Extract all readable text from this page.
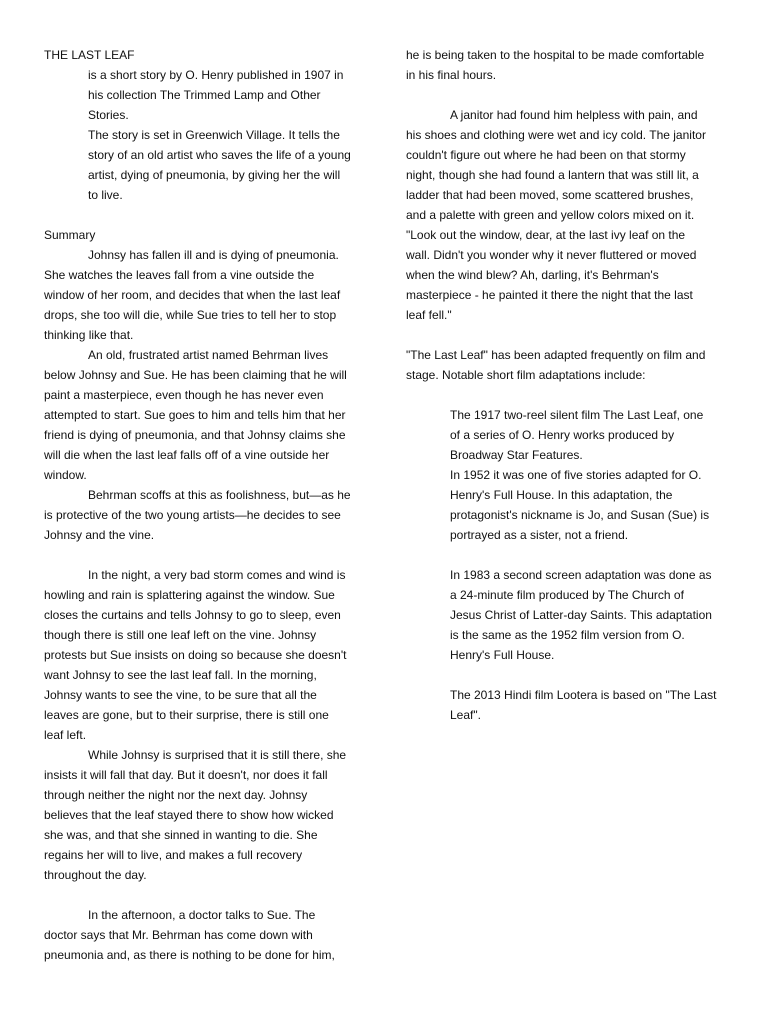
THE LAST LEAF
is a short story by O. Henry published in 1907 in
his collection The Trimmed Lamp and Other
Stories.
The story is set in Greenwich Village. It tells the
story of an old artist who saves the life of a young
artist, dying of pneumonia, by giving her the will
to live.
Summary
Johnsy has fallen ill and is dying of pneumonia.
She watches the leaves fall from a vine outside the
window of her room, and decides that when the last leaf
drops, she too will die, while Sue tries to tell her to stop
thinking like that.
An old, frustrated artist named Behrman lives
below Johnsy and Sue. He has been claiming that he will
paint a masterpiece, even though he has never even
attempted to start. Sue goes to him and tells him that her
friend is dying of pneumonia, and that Johnsy claims she
will die when the last leaf falls off of a vine outside her
window.
Behrman scoffs at this as foolishness, but—as he
is protective of the two young artists—he decides to see
Johnsy and the vine.
In the night, a very bad storm comes and wind is
howling and rain is splattering against the window. Sue
closes the curtains and tells Johnsy to go to sleep, even
though there is still one leaf left on the vine. Johnsy
protests but Sue insists on doing so because she doesn't
want Johnsy to see the last leaf fall. In the morning,
Johnsy wants to see the vine, to be sure that all the
leaves are gone, but to their surprise, there is still one
leaf left.
While Johnsy is surprised that it is still there, she
insists it will fall that day. But it doesn't, nor does it fall
through neither the night nor the next day. Johnsy
believes that the leaf stayed there to show how wicked
she was, and that she sinned in wanting to die. She
regains her will to live, and makes a full recovery
throughout the day.
In the afternoon, a doctor talks to Sue. The
doctor says that Mr. Behrman has come down with
pneumonia and, as there is nothing to be done for him,
he is being taken to the hospital to be made comfortable
in his final hours.
A janitor had found him helpless with pain, and
his shoes and clothing were wet and icy cold. The janitor
couldn't figure out where he had been on that stormy
night, though she had found a lantern that was still lit, a
ladder that had been moved, some scattered brushes,
and a palette with green and yellow colors mixed on it.
"Look out the window, dear, at the last ivy leaf on the
wall. Didn't you wonder why it never fluttered or moved
when the wind blew? Ah, darling, it's Behrman's
masterpiece - he painted it there the night that the last
leaf fell."
"The Last Leaf" has been adapted frequently on film and
stage. Notable short film adaptations include:
The 1917 two-reel silent film The Last Leaf, one
of a series of O. Henry works produced by
Broadway Star Features.
In 1952 it was one of five stories adapted for O.
Henry's Full House. In this adaptation, the
protagonist's nickname is Jo, and Susan (Sue) is
portrayed as a sister, not a friend.
In 1983 a second screen adaptation was done as
a 24-minute film produced by The Church of
Jesus Christ of Latter-day Saints. This adaptation
is the same as the 1952 film version from O.
Henry's Full House.
The 2013 Hindi film Lootera is based on "The Last
Leaf".
